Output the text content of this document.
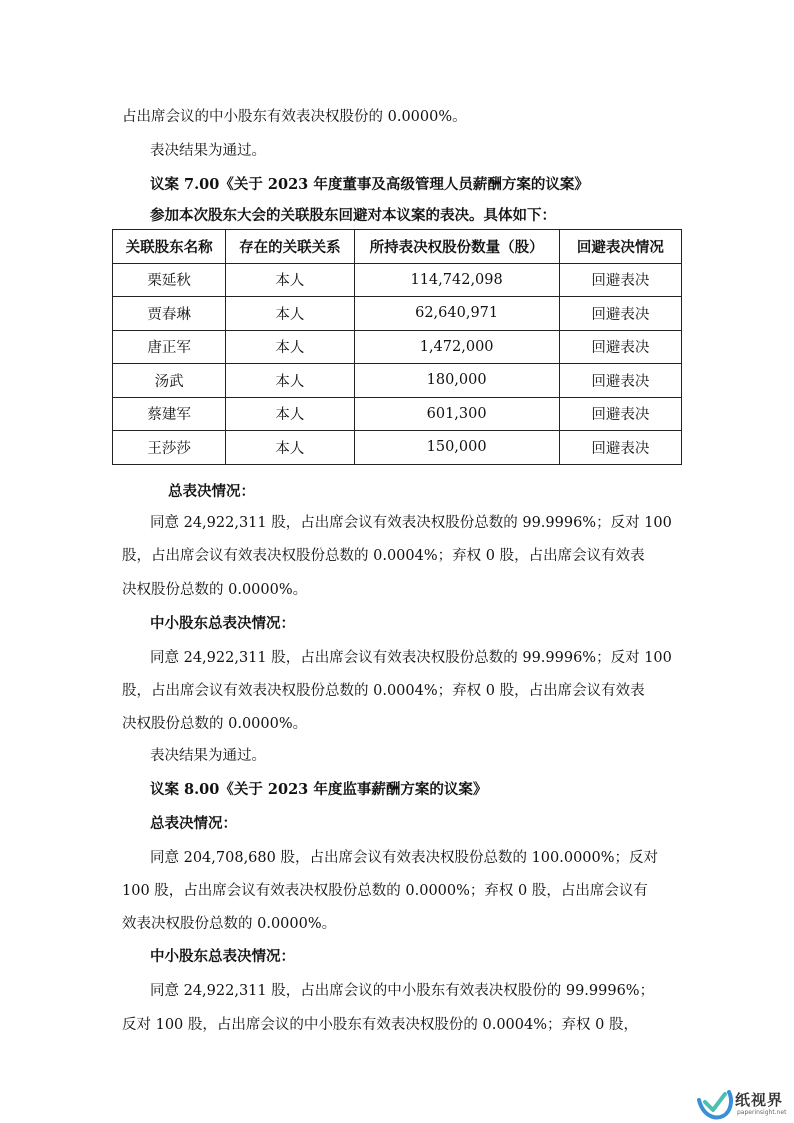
占出席会议的中小股东有效表决权股份的 0.0000%。
表决结果为通过。
议案 7.00《关于 2023 年度董事及高级管理人员薪酬方案的议案》
参加本次股东大会的关联股东回避对本议案的表决。具体如下：
关联股东名称	存在的关联关系	所持表决权股份数量（股）	回避表决情况
栗延秋	本人	114,742,098	回避表决
贾春琳	本人	62,640,971	回避表决
唐正军	本人	1,472,000	回避表决
汤武	本人	180,000	回避表决
蔡建军	本人	601,300	回避表决
王莎莎	本人	150,000	回避表决
总表决情况：
同意 24,922,311 股，占出席会议有效表决权股份总数的 99.9996%；反对 100
股，占出席会议有效表决权股份总数的 0.0004%；弃权 0 股，占出席会议有效表
决权股份总数的 0.0000%。
中小股东总表决情况：
同意 24,922,311 股，占出席会议有效表决权股份总数的 99.9996%；反对 100
股，占出席会议有效表决权股份总数的 0.0004%；弃权 0 股，占出席会议有效表
决权股份总数的 0.0000%。
表决结果为通过。
议案 8.00《关于 2023 年度监事薪酬方案的议案》
总表决情况：
同意 204,708,680 股，占出席会议有效表决权股份总数的 100.0000%；反对
100 股，占出席会议有效表决权股份总数的 0.0000%；弃权 0 股，占出席会议有
效表决权股份总数的 0.0000%。
中小股东总表决情况：
同意 24,922,311 股，占出席会议的中小股东有效表决权股份的 99.9996%；
反对 100 股，占出席会议的中小股东有效表决权股份的 0.0004%；弃权 0 股，
纸视界
paperinsight.net
